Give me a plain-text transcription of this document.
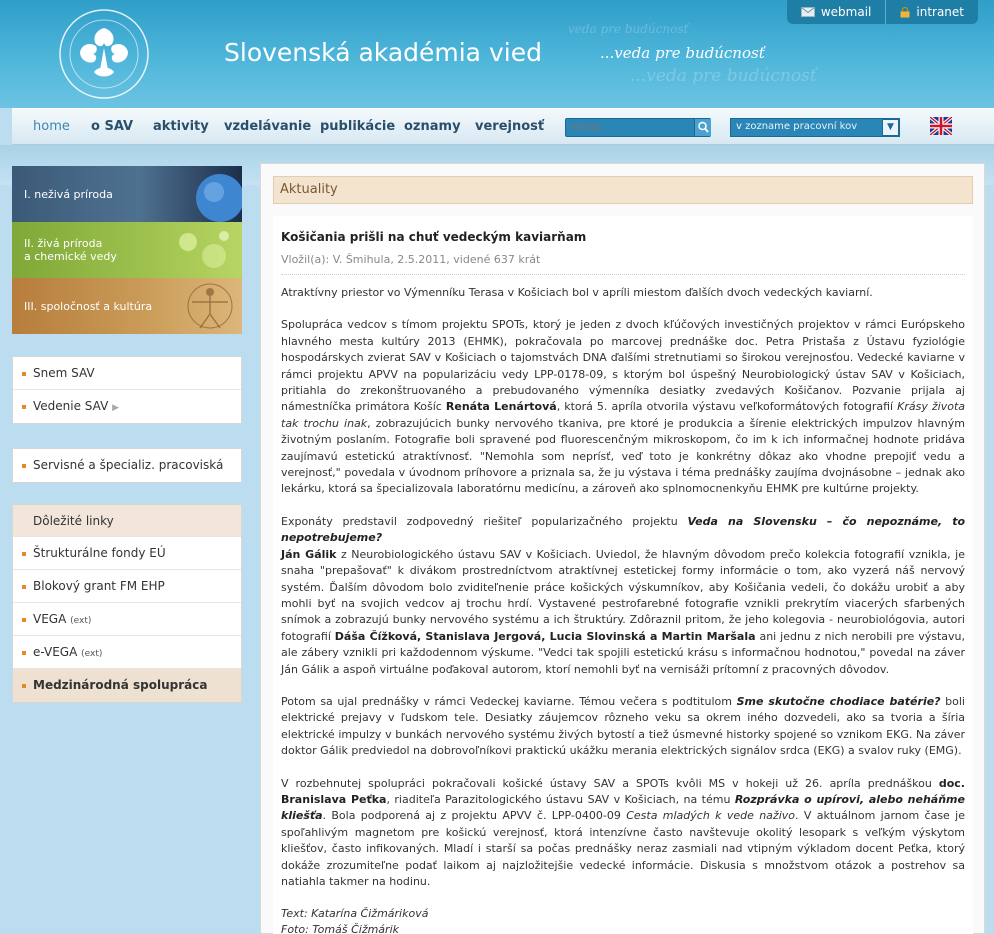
veda pre budúcnosť
...veda pre budúcnosť
Slovenská akadémia vied	...veda pre budúcnosť
webmail	intranet
home o SAV aktivity vzdelávanie publikácie oznamy verejnosť
hľadaj...	v zozname pracovní kov	▼
I. neživá príroda
II. živá príroda
a chemické vedy
III. spoločnosť a kultúra
Snem SAV
Vedenie SAV ▶
Servisné a špecializ. pracoviská
Dôležité linky
Štrukturálne fondy EÚ
Blokový grant FM EHP
VEGA (ext)
e-VEGA (ext)
Medzinárodná spolupráca
Aktuality
Košičania prišli na chuť vedeckým kaviarňam
Vložil(a): V. Šmihula, 2.5.2011, videné 637 krát
Atraktívny priestor vo Výmenníku Terasa v Košiciach bol v apríli miestom ďalších dvoch vedeckých kaviarní.
Spolupráca vedcov s tímom projektu SPOTs, ktorý je jeden z dvoch kľúčových investičných projektov v rámci Európskeho hlavného mesta kultúry 2013 (EHMK), pokračovala po marcovej prednáške doc. Petra Pristaša z Ústavu fyziológie hospodárskych zvierat SAV v Košiciach o tajomstvách DNA ďalšími stretnutiami so širokou verejnosťou. Vedecké kaviarne v rámci projektu APVV na popularizáciu vedy LPP-0178-09, s ktorým bol úspešný Neurobiologický ústav SAV v Košiciach, pritiahla do zrekonštruovaného a prebudovaného výmenníka desiatky zvedavých Košičanov. Pozvanie prijala aj námestníčka primátora Košíc Renáta Lenártová, ktorá 5. apríla otvorila výstavu veľkoformátových fotografií Krásy života tak trochu inak, zobrazujúcich bunky nervového tkaniva, pre ktoré je produkcia a šírenie elektrických impulzov hlavným životným poslaním. Fotografie boli spravené pod fluorescenčným mikroskopom, čo im k ich informačnej hodnote pridáva zaujímavú estetickú atraktívnosť. "Nemohla som neprísť, veď toto je konkrétny dôkaz ako vhodne prepojiť vedu a verejnosť," povedala v úvodnom príhovore a priznala sa, že ju výstava i téma prednášky zaujíma dvojnásobne – jednak ako lekárku, ktorá sa špecializovala laboratórnu medicínu, a zároveň ako splnomocnenkyňu EHMK pre kultúrne projekty.
Exponáty predstavil zodpovedný riešiteľ popularizačného projektu Veda na Slovensku – čo nepoznáme, to nepotrebujeme?
Ján Gálik z Neurobiologického ústavu SAV v Košiciach. Uviedol, že hlavným dôvodom prečo kolekcia fotografií vznikla, je snaha "prepašovať" k divákom prostredníctvom atraktívnej estetickej formy informácie o tom, ako vyzerá náš nervový systém. Ďalším dôvodom bolo zviditeľnenie práce košických výskumníkov, aby Košičania vedeli, čo dokážu urobiť a aby mohli byť na svojich vedcov aj trochu hrdí. Vystavené pestrofarebné fotografie vznikli prekrytím viacerých sfarbených snímok a zobrazujú bunky nervového systému a ich štruktúry. Zdôraznil pritom, že jeho kolegovia - neurobiológovia, autori fotografií Dáša Čížková, Stanislava Jergová, Lucia Slovinská a Martin Maršala ani jednu z nich nerobili pre výstavu, ale zábery vznikli pri každodennom výskume. "Vedci tak spojili estetickú krásu s informačnou hodnotou," povedal na záver Ján Gálik a aspoň virtuálne poďakoval autorom, ktorí nemohli byť na vernisáži prítomní z pracovných dôvodov.
Potom sa ujal prednášky v rámci Vedeckej kaviarne. Témou večera s podtitulom Sme skutočne chodiace batérie? boli elektrické prejavy v ľudskom tele. Desiatky záujemcov rôzneho veku sa okrem iného dozvedeli, ako sa tvoria a šíria elektrické impulzy v bunkách nervového systému živých bytostí a tiež úsmevné historky spojené so vznikom EKG. Na záver doktor Gálik predviedol na dobrovoľníkovi praktickú ukážku merania elektrických signálov srdca (EKG) a svalov ruky (EMG).
V rozbehnutej spolupráci pokračovali košické ústavy SAV a SPOTs kvôli MS v hokeji už 26. apríla prednáškou doc. Branislava Peťka, riaditeľa Parazitologického ústavu SAV v Košiciach, na tému Rozprávka o upírovi, alebo neháňme kliešťa. Bola podporená aj z projektu APVV č. LPP-0400-09 Cesta mladých k vede naživo. V aktuálnom jarnom čase je spoľahlivým magnetom pre košickú verejnosť, ktorá intenzívne často navštevuje okolitý lesopark s veľkým výskytom kliešťov, často infikovaných. Mladí i starší sa počas prednášky neraz zasmiali nad vtipným výkladom docent Peťka, ktorý dokáže zrozumiteľne podať laikom aj najzložitejšie vedecké informácie. Diskusia s množstvom otázok a postrehov sa natiahla takmer na hodinu.
Text: Katarína Čižmáriková
Foto: Tomáš Čižmárik
